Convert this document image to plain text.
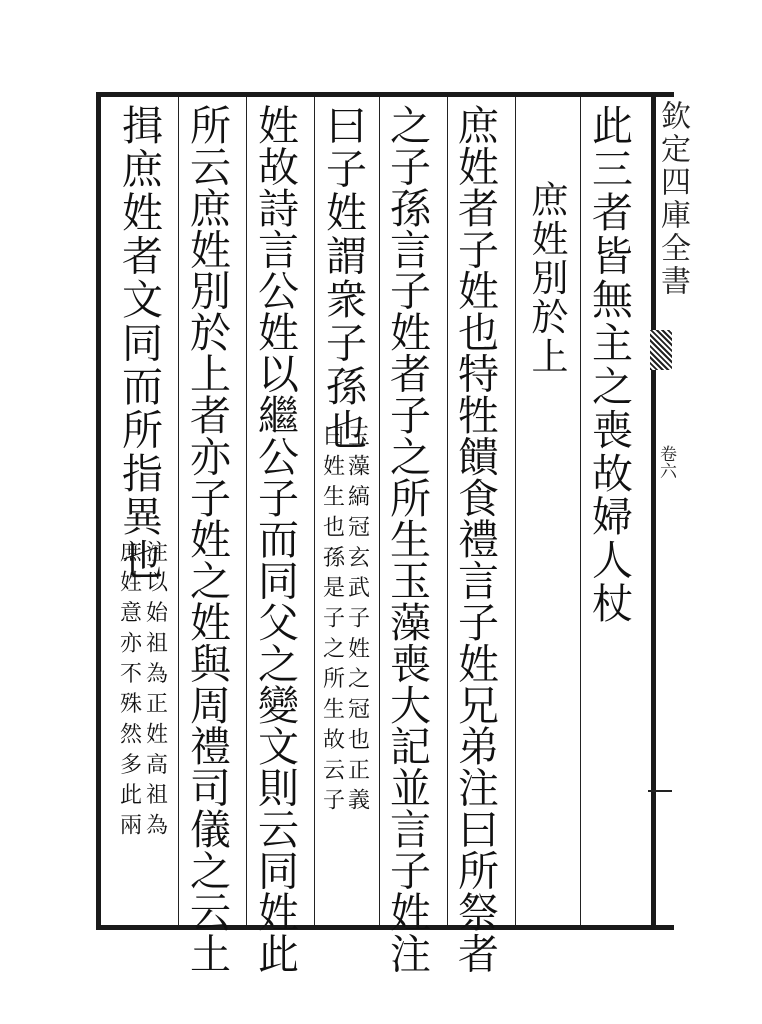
欽定四庫全書
卷六
此三者皆無主之喪故婦人杖
庶姓別於上
庶姓者子姓也特牲饋食禮言子姓兄弟注曰所祭者
之子孫言子姓者子之所生玉藻喪大記並言子姓注
曰子姓謂衆子孫也
玉藻縞冠玄武子姓之冠也正義
曰姓生也孫是子之所生故云子
姓故詩言公姓以繼公子而同父之變文則云同姓此
所云庶姓別於上者亦子姓之姓與周禮司儀之云土
揖庶姓者文同而所指異也
注以始祖為正姓高祖為
庶姓意亦不殊然多此兩
